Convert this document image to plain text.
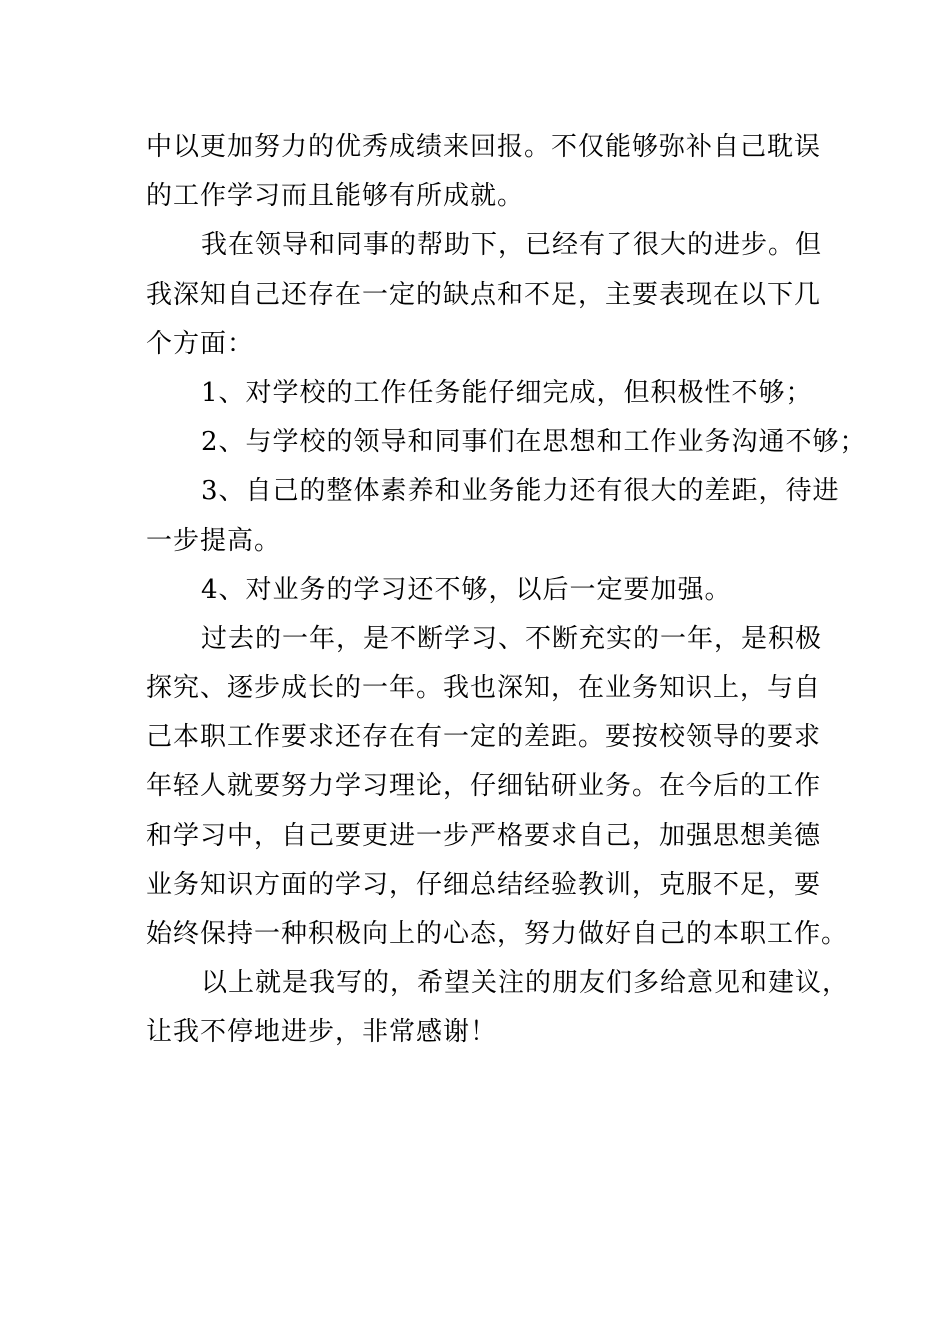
中以更加努力的优秀成绩来回报。不仅能够弥补自己耽误
的工作学习而且能够有所成就。
我在领导和同事的帮助下，已经有了很大的进步。但
我深知自己还存在一定的缺点和不足，主要表现在以下几
个方面：
1、对学校的工作任务能仔细完成，但积极性不够；
2、与学校的领导和同事们在思想和工作业务沟通不够；
3、自己的整体素养和业务能力还有很大的差距，待进
一步提高。
4、对业务的学习还不够，以后一定要加强。
过去的一年，是不断学习、不断充实的一年，是积极
探究、逐步成长的一年。我也深知，在业务知识上，与自
己本职工作要求还存在有一定的差距。要按校领导的要求
年轻人就要努力学习理论，仔细钻研业务。在今后的工作
和学习中，自己要更进一步严格要求自己，加强思想美德
业务知识方面的学习，仔细总结经验教训，克服不足，要
始终保持一种积极向上的心态，努力做好自己的本职工作。
以上就是我写的，希望关注的朋友们多给意见和建议，
让我不停地进步，非常感谢！
